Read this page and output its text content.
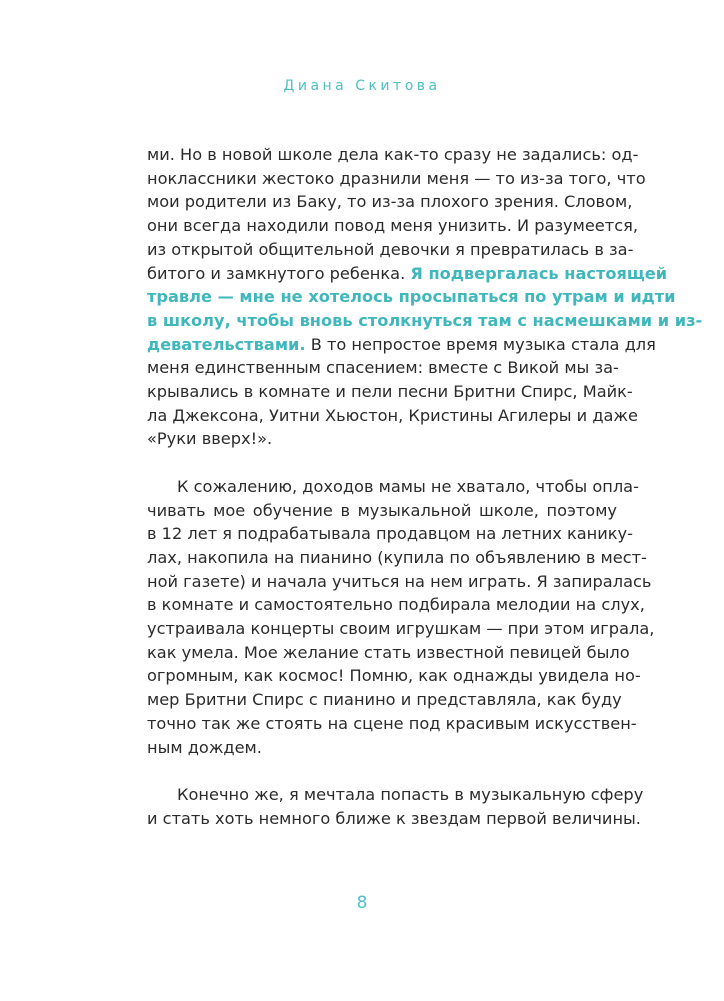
Диана Скитова
ми. Но в новой школе дела как-то сразу не задались: од-
ноклассники жестоко дразнили меня — то из-за того, что
мои родители из Баку, то из-за плохого зрения. Словом,
они всегда находили повод меня унизить. И разумеется,
из открытой общительной девочки я превратилась в за-
битого и замкнутого ребенка. Я подвергалась настоящей
травле — мне не хотелось просыпаться по утрам и идти
в школу, чтобы вновь столкнуться там с насмешками и из-
девательствами. В то непростое время музыка стала для
меня единственным спасением: вместе с Викой мы за-
крывались в комнате и пели песни Бритни Спирс, Майк-
ла Джексона, Уитни Хьюстон, Кристины Агилеры и даже
«Руки вверх!».
К сожалению, доходов мамы не хватало, чтобы опла-
чивать мое обучение в музыкальной школе, поэтому
в 12 лет я подрабатывала продавцом на летних канику-
лах, накопила на пианино (купила по объявлению в мест-
ной газете) и начала учиться на нем играть. Я запиралась
в комнате и самостоятельно подбирала мелодии на слух,
устраивала концерты своим игрушкам — при этом играла,
как умела. Мое желание стать известной певицей было
огромным, как космос! Помню, как однажды увидела но-
мер Бритни Спирс с пианино и представляла, как буду
точно так же стоять на сцене под красивым искусствен-
ным дождем.
Конечно же, я мечтала попасть в музыкальную сферу
и стать хоть немного ближе к звездам первой величины.
8
